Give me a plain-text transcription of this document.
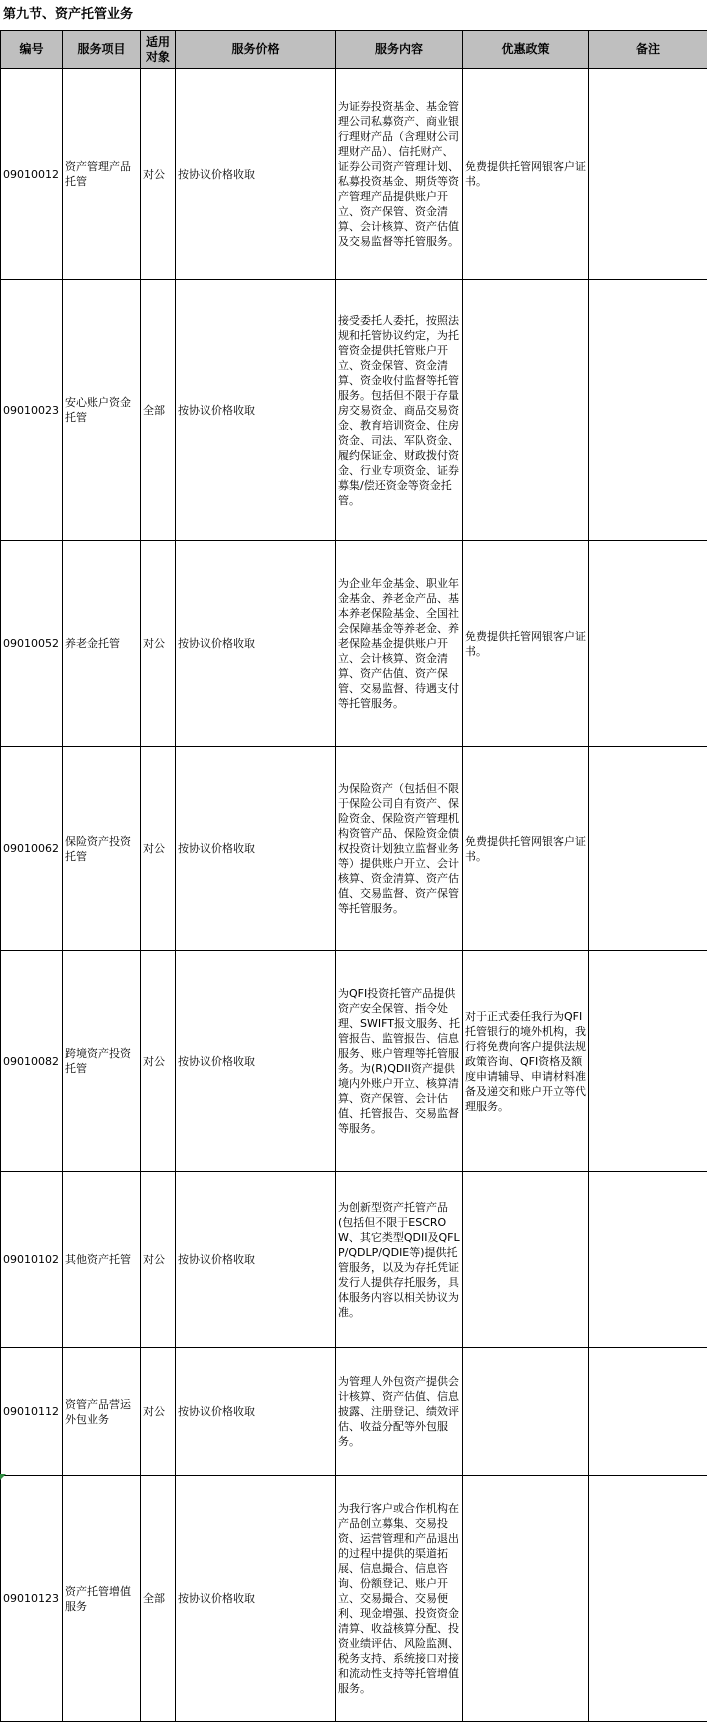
第九节、资产托管业务
编号	服务项目	适用对象	服务价格	服务内容	优惠政策	备注
09010012	资产管理产品托管	对公	按协议价格收取	为证券投资基金、基金管理公司私募资产、商业银行理财产品（含理财公司理财产品）、信托财产、证券公司资产管理计划、私募投资基金、期货等资产管理产品提供账户开立、资产保管、资金清算、会计核算、资产估值及交易监督等托管服务。	免费提供托管网银客户证书。	
09010023	安心账户资金托管	全部	按协议价格收取	接受委托人委托，按照法规和托管协议约定，为托管资金提供托管账户开立、资金保管、资金清算、资金收付监督等托管服务。包括但不限于存量房交易资金、商品交易资金、教育培训资金、住房资金、司法、军队资金、履约保证金、财政拨付资金、行业专项资金、证券募集/偿还资金等资金托管。		
09010052	养老金托管	对公	按协议价格收取	为企业年金基金、职业年金基金、养老金产品、基本养老保险基金、全国社会保障基金等养老金、养老保险基金提供账户开立、会计核算、资金清算、资产估值、资产保管、交易监督、待遇支付等托管服务。	免费提供托管网银客户证书。	
09010062	保险资产投资托管	对公	按协议价格收取	为保险资产（包括但不限于保险公司自有资产、保险资金、保险资产管理机构资管产品、保险资金债权投资计划独立监督业务等）提供账户开立、会计核算、资金清算、资产估值、交易监督、资产保管等托管服务。	免费提供托管网银客户证书。	
09010082	跨境资产投资托管	对公	按协议价格收取	为QFI投资托管产品提供资产安全保管、指令处理、SWIFT报文服务、托管报告、监管报告、信息服务、账户管理等托管服务。为(R)QDII资产提供境内外账户开立、核算清算、资产保管、会计估值、托管报告、交易监督等服务。	对于正式委任我行为QFI托管银行的境外机构，我行将免费向客户提供法规政策咨询、QFI资格及额度申请辅导、申请材料准备及递交和账户开立等代理服务。	
09010102	其他资产托管	对公	按协议价格收取	为创新型资产托管产品(包括但不限于ESCROW、其它类型QDII及QFLP/QDLP/QDIE等)提供托管服务，以及为存托凭证发行人提供存托服务，具体服务内容以相关协议为准。		
09010112	资管产品营运外包业务	对公	按协议价格收取	为管理人外包资产提供会计核算、资产估值、信息披露、注册登记、绩效评估、收益分配等外包服务。		
09010123	资产托管增值服务	全部	按协议价格收取	为我行客户或合作机构在产品创立募集、交易投资、运营管理和产品退出的过程中提供的渠道拓展、信息撮合、信息咨询、份额登记、账户开立、交易撮合、交易便利、现金增强、投资资金清算、收益核算分配、投资业绩评估、风险监测、税务支持、系统接口对接和流动性支持等托管增值服务。		
